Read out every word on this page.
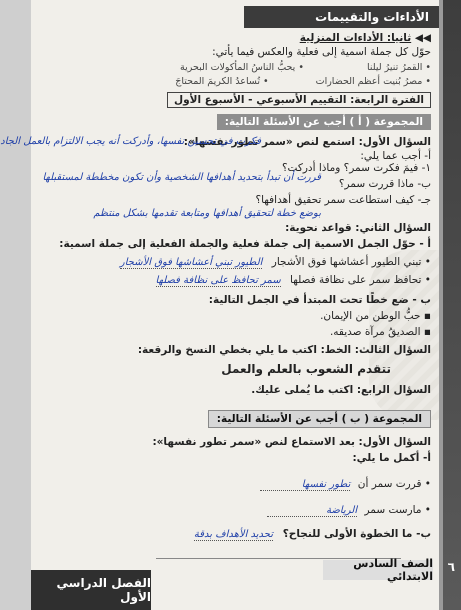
الأداءات والتقييمات
◀◀ ثانيا: الأداءات المنزلية
حوّل كل جملة اسمية إلى فعلية والعكس فيما يأتي:
• القمرُ تنيرُ ليلنا • يحبُّ الناسُ المأكولات البحرية
• مصرُ بُنيت أعظم الحضارات • تُساعدُ الكريمَ المحتاجَ
الفترة الرابعة: التقييم الأسبوعي - الأسبوع الأول
المجموعة ( أ ) أجب عن الأسئلة التالية:
السؤال الأول: استمع لنص «سمر تطور نفسها»:
أ- أجب عما يلي:
١- فيمَ فكرت سمر؟ وماذا أدركت؟
فكرت في تحسين نفسها، وأدركت أنه يجب الالتزام بالعمل الجاد
ب- ماذا قررت سمر؟
قررت أن تبدأ بتحديد أهدافها الشخصية وأن تكون مخططة لمستقبلها
جـ- كيف استطاعت سمر تحقيق أهدافها؟
بوضع خطة لتحقيق أهدافها ومتابعة تقدمها بشكل منتظم
السؤال الثاني: قواعد نحوية:
أ - حوّل الجمل الاسمية إلى جملة فعلية والجملة الفعلية إلى جملة اسمية:
• تبني الطيور أعشاشها فوق الأشجار الطيور تبني أعشاشها فوق الأشجار
• تحافظ سمر على نظافة فصلها سمر تحافظ على نظافة فصلها
ب - ضع خطًا تحت المبتدأ في الجمل التالية:
▪ حبُّ الوطن من الإيمان.
▪ الصديقُ مرآة صديقه.
السؤال الثالث: الخط: اكتب ما يلي بخطي النسخ والرقعة:
تتقدم الشعوب بالعلم والعمل
السؤال الرابع: اكتب ما يُملى عليك.
المجموعة ( ب ) أجب عن الأسئلة التالية:
السؤال الأول: بعد الاستماع لنص «سمر تطور نفسها»:
أ- أكمل ما يلي:
• قررت سمر أن تطور نفسها
• مارست سمر الرياضة
ب- ما الخطوة الأولى للنجاح؟ تحديد الأهداف بدقة
الصف السادس الابتدائي
٦
الفصل الدراسي الأول
